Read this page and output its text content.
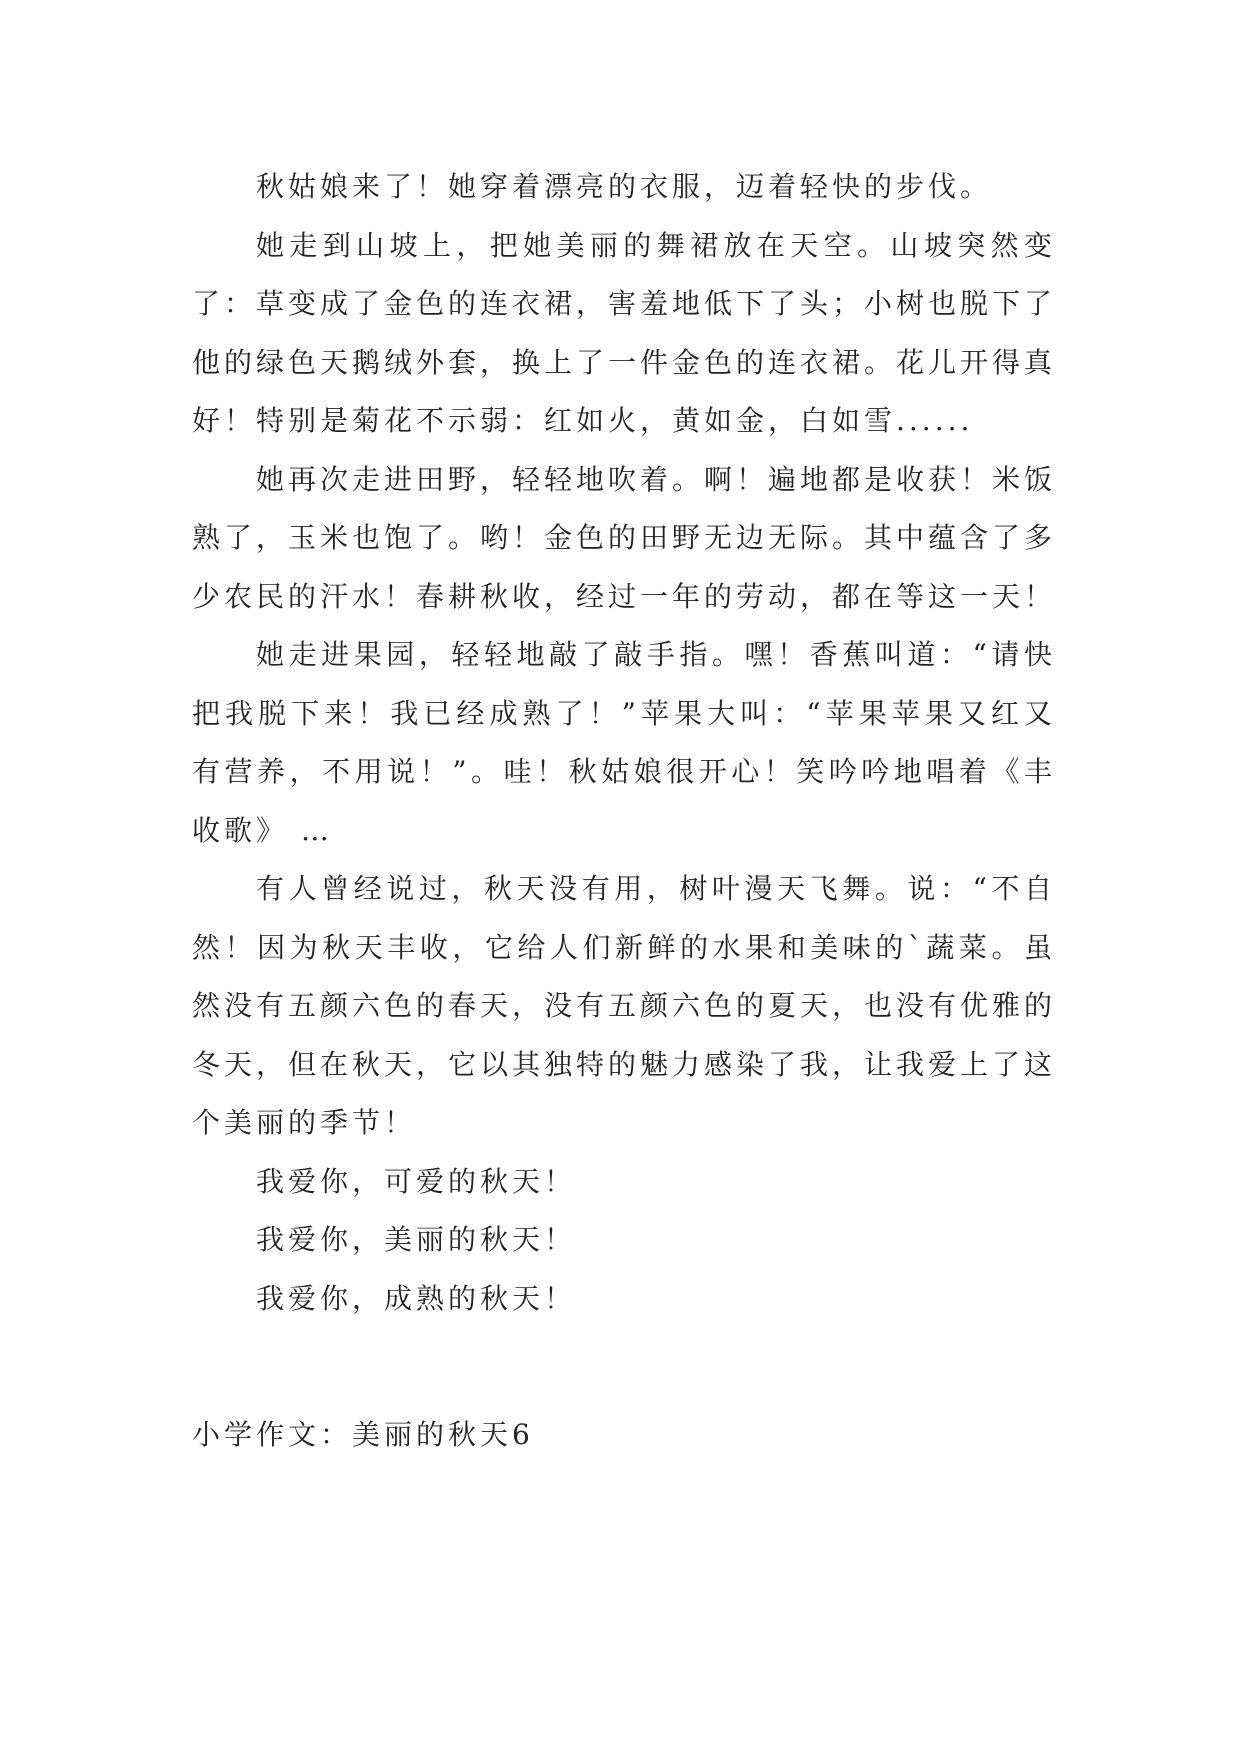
秋姑娘来了！她穿着漂亮的衣服，迈着轻快的步伐。

她走到山坡上，把她美丽的舞裙放在天空。山坡突然变了：草变成了金色的连衣裙，害羞地低下了头；小树也脱下了他的绿色天鹅绒外套，换上了一件金色的连衣裙。花儿开得真好！特别是菊花不示弱：红如火，黄如金，白如雪......

她再次走进田野，轻轻地吹着。啊！遍地都是收获！米饭熟了，玉米也饱了。哟！金色的田野无边无际。其中蕴含了多少农民的汗水！春耕秋收，经过一年的劳动，都在等这一天！

她走进果园，轻轻地敲了敲手指。嘿！香蕉叫道：“请快把我脱下来！我已经成熟了！”苹果大叫：“苹果苹果又红又有营养，不用说！”。哇！秋姑娘很开心！笑吟吟地唱着《丰收歌》 …

有人曾经说过，秋天没有用，树叶漫天飞舞。说：“不自然！因为秋天丰收，它给人们新鲜的水果和美味的`蔬菜。虽然没有五颜六色的春天，没有五颜六色的夏天，也没有优雅的冬天，但在秋天，它以其独特的魅力感染了我，让我爱上了这个美丽的季节！

我爱你，可爱的秋天！

我爱你，美丽的秋天！

我爱你，成熟的秋天！

小学作文：美丽的秋天6
